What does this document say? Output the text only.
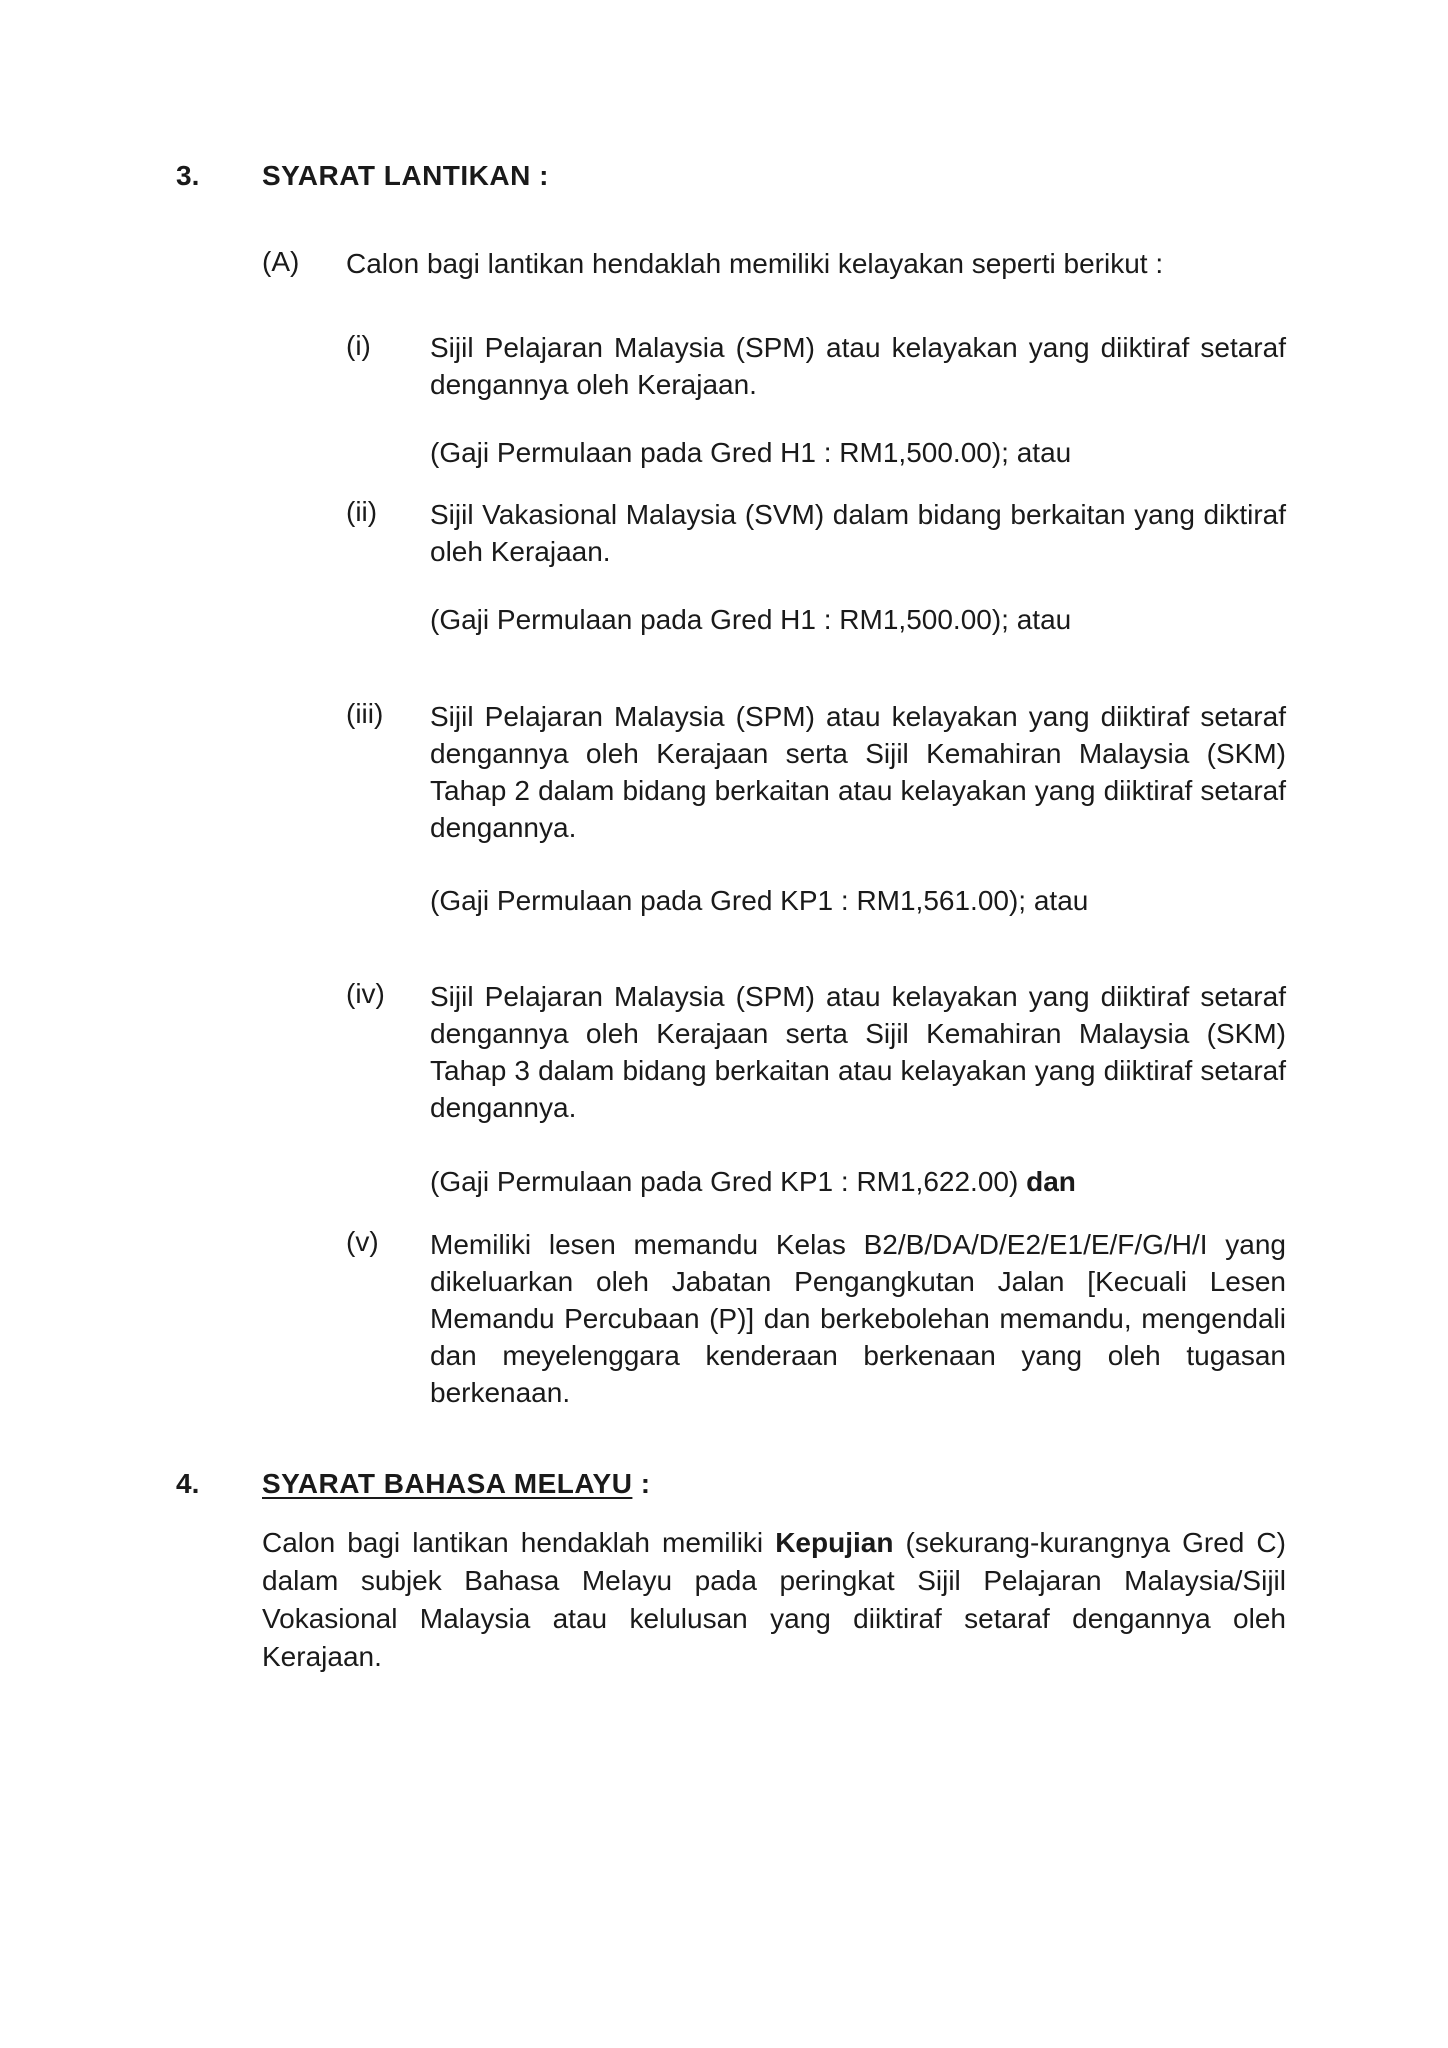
3. SYARAT LANTIKAN :
(A) Calon bagi lantikan hendaklah memiliki kelayakan seperti berikut :
(i) Sijil Pelajaran Malaysia (SPM) atau kelayakan yang diiktiraf setaraf dengannya oleh Kerajaan.
(Gaji Permulaan pada Gred H1 : RM1,500.00); atau
(ii) Sijil Vakasional Malaysia (SVM) dalam bidang berkaitan yang diktiraf oleh Kerajaan.
(Gaji Permulaan pada Gred H1 : RM1,500.00); atau
(iii) Sijil Pelajaran Malaysia (SPM) atau kelayakan yang diiktiraf setaraf dengannya oleh Kerajaan serta Sijil Kemahiran Malaysia (SKM) Tahap 2 dalam bidang berkaitan atau kelayakan yang diiktiraf setaraf dengannya.
(Gaji Permulaan pada Gred KP1 : RM1,561.00); atau
(iv) Sijil Pelajaran Malaysia (SPM) atau kelayakan yang diiktiraf setaraf dengannya oleh Kerajaan serta Sijil Kemahiran Malaysia (SKM) Tahap 3 dalam bidang berkaitan atau kelayakan yang diiktiraf setaraf dengannya.
(Gaji Permulaan pada Gred KP1 : RM1,622.00) dan
(v) Memiliki lesen memandu Kelas B2/B/DA/D/E2/E1/E/F/G/H/I yang dikeluarkan oleh Jabatan Pengangkutan Jalan [Kecuali Lesen Memandu Percubaan (P)] dan berkebolehan memandu, mengendali dan meyelenggara kenderaan berkenaan yang oleh tugasan berkenaan.
4. SYARAT BAHASA MELAYU :
Calon bagi lantikan hendaklah memiliki Kepujian (sekurang-kurangnya Gred C) dalam subjek Bahasa Melayu pada peringkat Sijil Pelajaran Malaysia/Sijil Vokasional Malaysia atau kelulusan yang diiktiraf setaraf dengannya oleh Kerajaan.
